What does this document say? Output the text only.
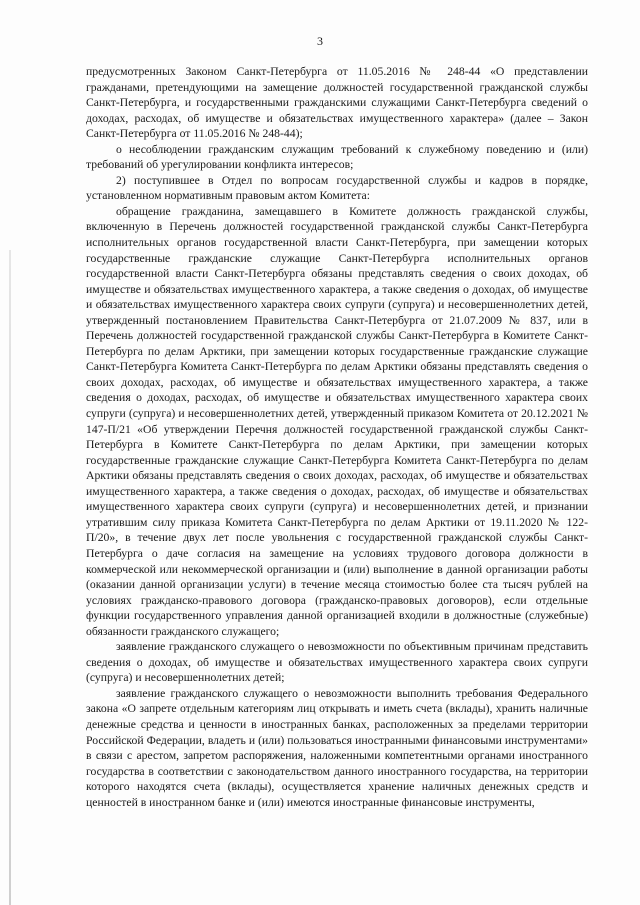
3

предусмотренных Законом Санкт-Петербурга от 11.05.2016 № 248-44 «О представлении гражданами, претендующими на замещение должностей государственной гражданской службы Санкт-Петербурга, и государственными гражданскими служащими Санкт-Петербурга сведений о доходах, расходах, об имуществе и обязательствах имущественного характера» (далее – Закон Санкт-Петербурга от 11.05.2016 № 248-44);

о несоблюдении гражданским служащим требований к служебному поведению и (или) требований об урегулировании конфликта интересов;

2) поступившее в Отдел по вопросам государственной службы и кадров в порядке, установленном нормативным правовым актом Комитета:

обращение гражданина, замещавшего в Комитете должность гражданской службы, включенную в Перечень должностей государственной гражданской службы Санкт-Петербурга исполнительных органов государственной власти Санкт-Петербурга, при замещении которых государственные гражданские служащие Санкт-Петербурга исполнительных органов государственной власти Санкт-Петербурга обязаны представлять сведения о своих доходах, об имуществе и обязательствах имущественного характера, а также сведения о доходах, об имуществе и обязательствах имущественного характера своих супруги (супруга) и несовершеннолетних детей, утвержденный постановлением Правительства Санкт-Петербурга от 21.07.2009 № 837, или в Перечень должностей государственной гражданской службы Санкт-Петербурга в Комитете Санкт-Петербурга по делам Арктики, при замещении которых государственные гражданские служащие Санкт-Петербурга Комитета Санкт-Петербурга по делам Арктики обязаны представлять сведения о своих доходах, расходах, об имуществе и обязательствах имущественного характера, а также сведения о доходах, расходах, об имуществе и обязательствах имущественного характера своих супруги (супруга) и несовершеннолетних детей, утвержденный приказом Комитета от 20.12.2021 № 147-П/21 «Об утверждении Перечня должностей государственной гражданской службы Санкт-Петербурга в Комитете Санкт-Петербурга по делам Арктики, при замещении которых государственные гражданские служащие Санкт-Петербурга Комитета Санкт-Петербурга по делам Арктики обязаны представлять сведения о своих доходах, расходах, об имуществе и обязательствах имущественного характера, а также сведения о доходах, расходах, об имуществе и обязательствах имущественного характера своих супруги (супруга) и несовершеннолетних детей, и признании утратившим силу приказа Комитета Санкт-Петербурга по делам Арктики от 19.11.2020 № 122-П/20», в течение двух лет после увольнения с государственной гражданской службы Санкт-Петербурга о даче согласия на замещение на условиях трудового договора должности в коммерческой или некоммерческой организации и (или) выполнение в данной организации работы (оказании данной организации услуги) в течение месяца стоимостью более ста тысяч рублей на условиях гражданско-правового договора (гражданско-правовых договоров), если отдельные функции государственного управления данной организацией входили в должностные (служебные) обязанности гражданского служащего;

заявление гражданского служащего о невозможности по объективным причинам представить сведения о доходах, об имуществе и обязательствах имущественного характера своих супруги (супруга) и несовершеннолетних детей;

заявление гражданского служащего о невозможности выполнить требования Федерального закона «О запрете отдельным категориям лиц открывать и иметь счета (вклады), хранить наличные денежные средства и ценности в иностранных банках, расположенных за пределами территории Российской Федерации, владеть и (или) пользоваться иностранными финансовыми инструментами» в связи с арестом, запретом распоряжения, наложенными компетентными органами иностранного государства в соответствии с законодательством данного иностранного государства, на территории которого находятся счета (вклады), осуществляется хранение наличных денежных средств и ценностей в иностранном банке и (или) имеются иностранные финансовые инструменты,
